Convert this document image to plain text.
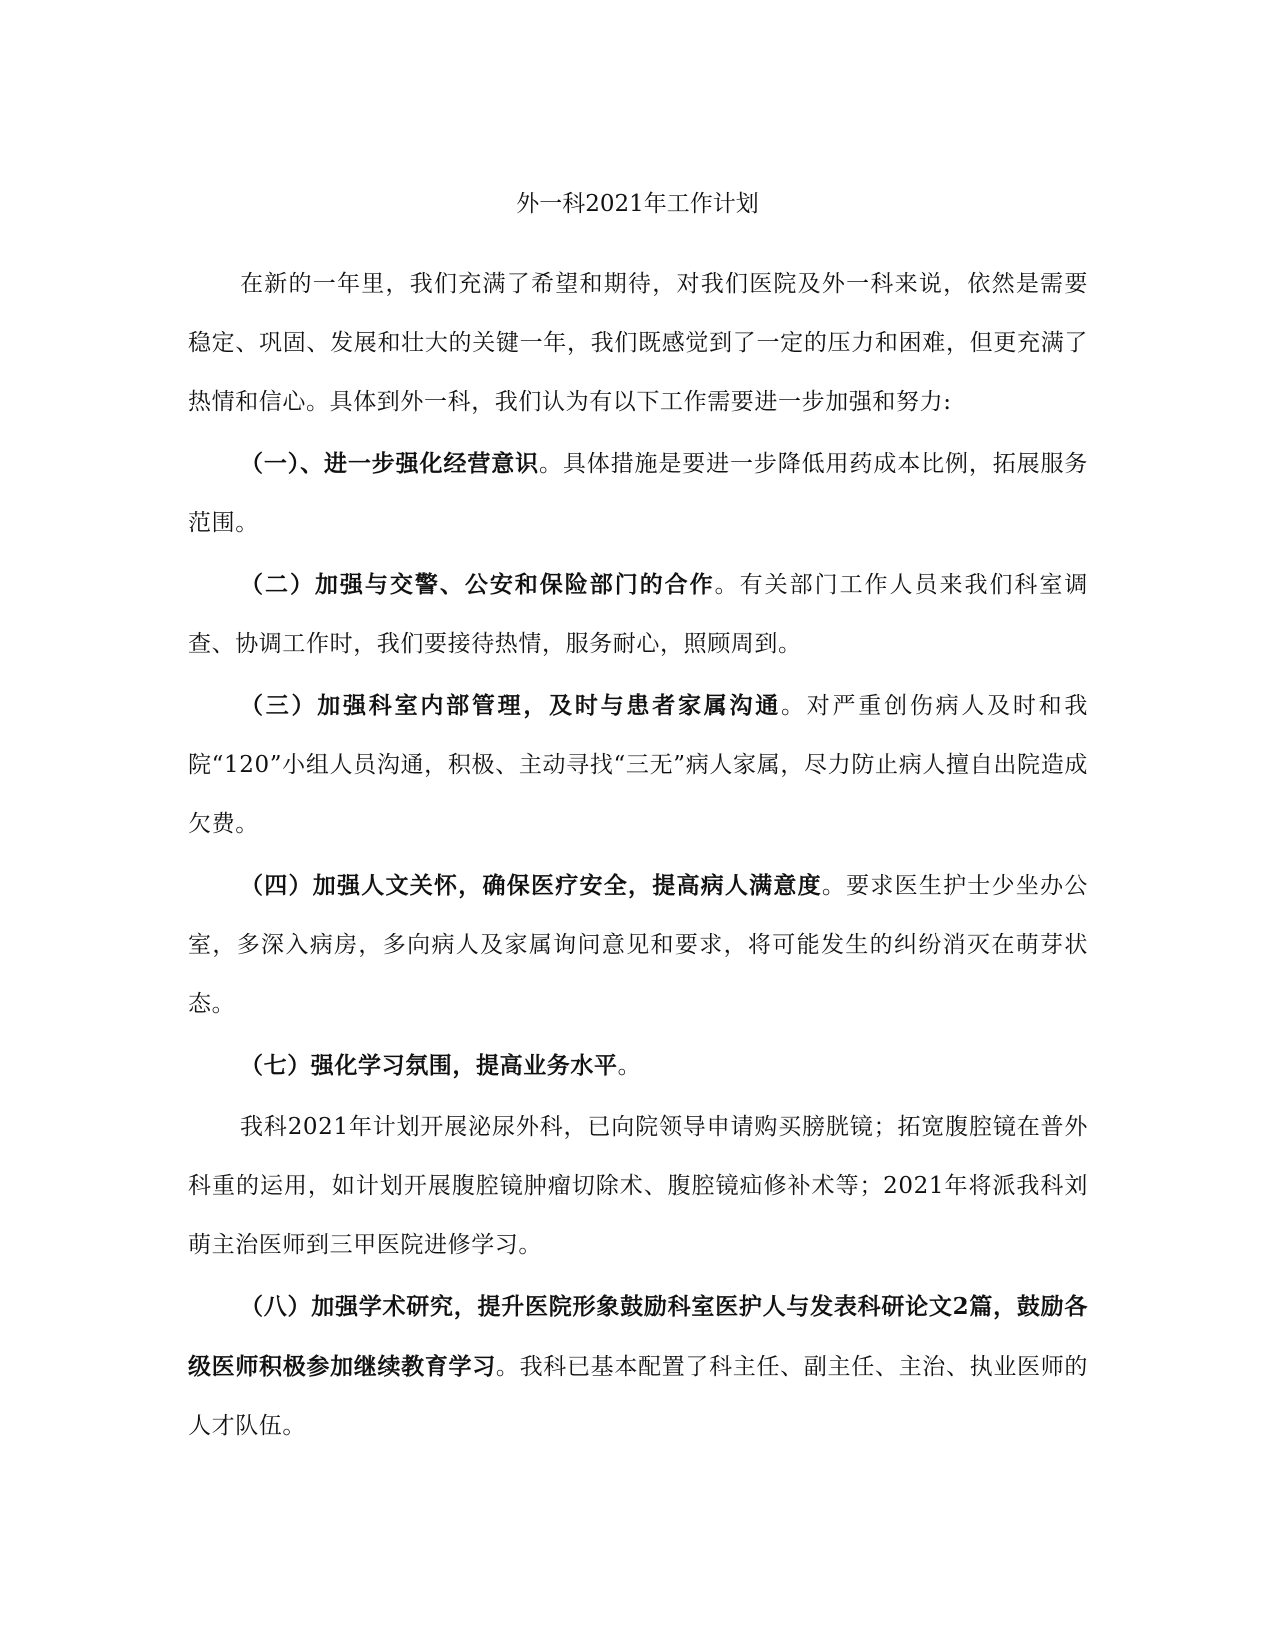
外一科2021年工作计划

在新的一年里，我们充满了希望和期待，对我们医院及外一科来说，依然是需要稳定、巩固、发展和壮大的关键一年，我们既感觉到了一定的压力和困难，但更充满了热情和信心。具体到外一科，我们认为有以下工作需要进一步加强和努力:

（一）、进一步强化经营意识。具体措施是要进一步降低用药成本比例，拓展服务范围。

（二）加强与交警、公安和保险部门的合作。有关部门工作人员来我们科室调查、协调工作时，我们要接待热情，服务耐心，照顾周到。

（三）加强科室内部管理，及时与患者家属沟通。对严重创伤病人及时和我院“120”小组人员沟通，积极、主动寻找“三无”病人家属，尽力防止病人擅自出院造成欠费。

（四）加强人文关怀，确保医疗安全，提高病人满意度。要求医生护士少坐办公室，多深入病房，多向病人及家属询问意见和要求，将可能发生的纠纷消灭在萌芽状态。

（七）强化学习氛围，提高业务水平。

我科2021年计划开展泌尿外科，已向院领导申请购买膀胱镜；拓宽腹腔镜在普外科重的运用，如计划开展腹腔镜肿瘤切除术、腹腔镜疝修补术等；2021年将派我科刘萌主治医师到三甲医院进修学习。

（八）加强学术研究，提升医院形象鼓励科室医护人与发表科研论文2篇，鼓励各级医师积极参加继续教育学习。我科已基本配置了科主任、副主任、主治、执业医师的人才队伍。
